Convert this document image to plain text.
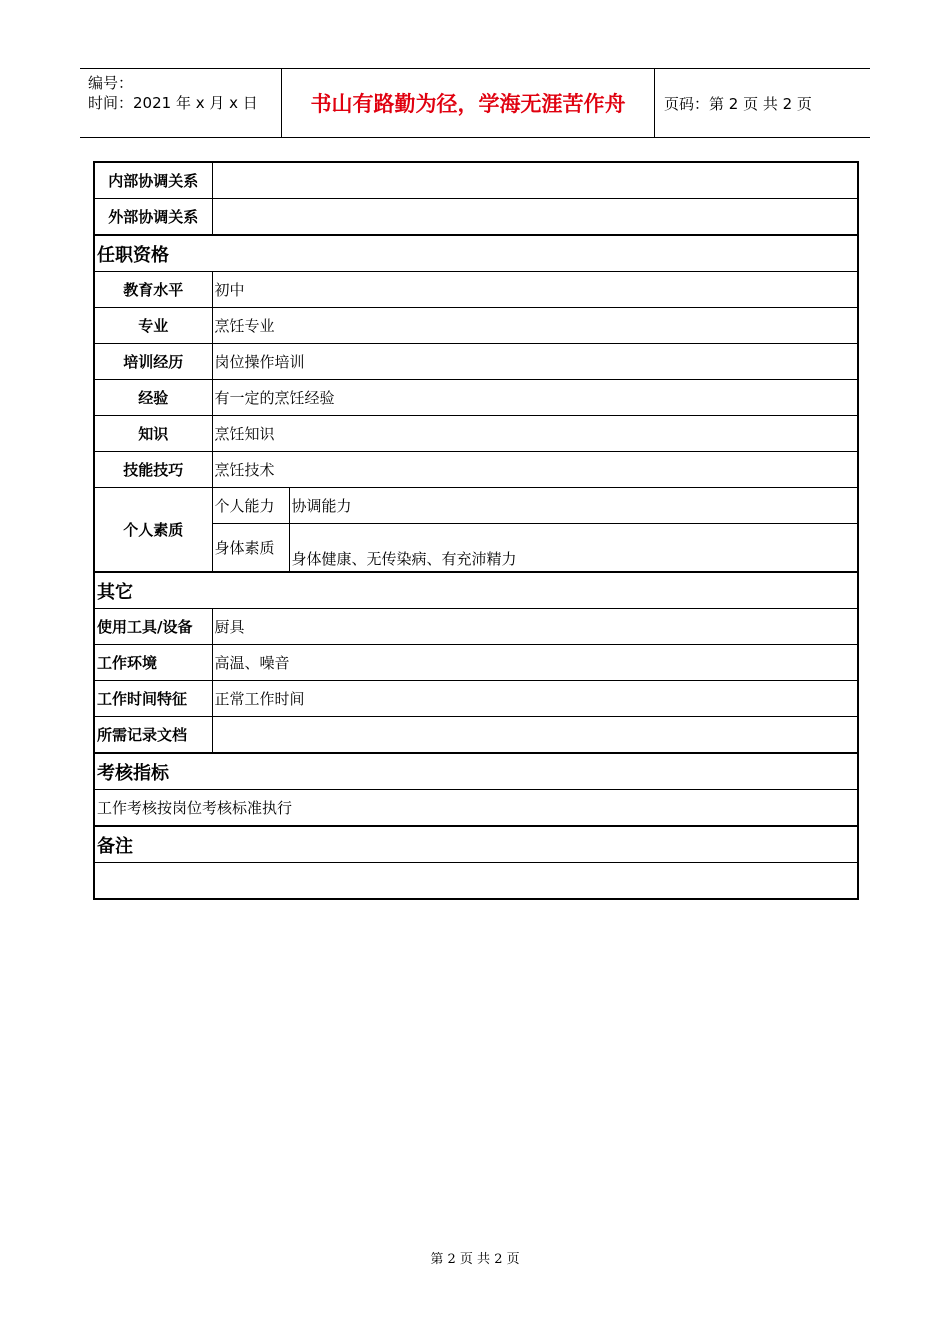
编号：
时间：2021 年 x 月 x 日	书山有路勤为径，学海无涯苦作舟	页码：第 2 页 共 2 页
内部协调关系		
外部协调关系		
任职资格		
教育水平	初中	
专业	烹饪专业	
培训经历	岗位操作培训	
经验	有一定的烹饪经验	
知识	烹饪知识	
技能技巧	烹饪技术	
个人素质	个人能力	协调能力
	身体素质	身体健康、无传染病、有充沛精力
其它		
使用工具/设备	厨具	
工作环境	高温、噪音	
工作时间特征	正常工作时间	
所需记录文档		
考核指标		
工作考核按岗位考核标准执行		
备注		

第 2 页 共 2 页
